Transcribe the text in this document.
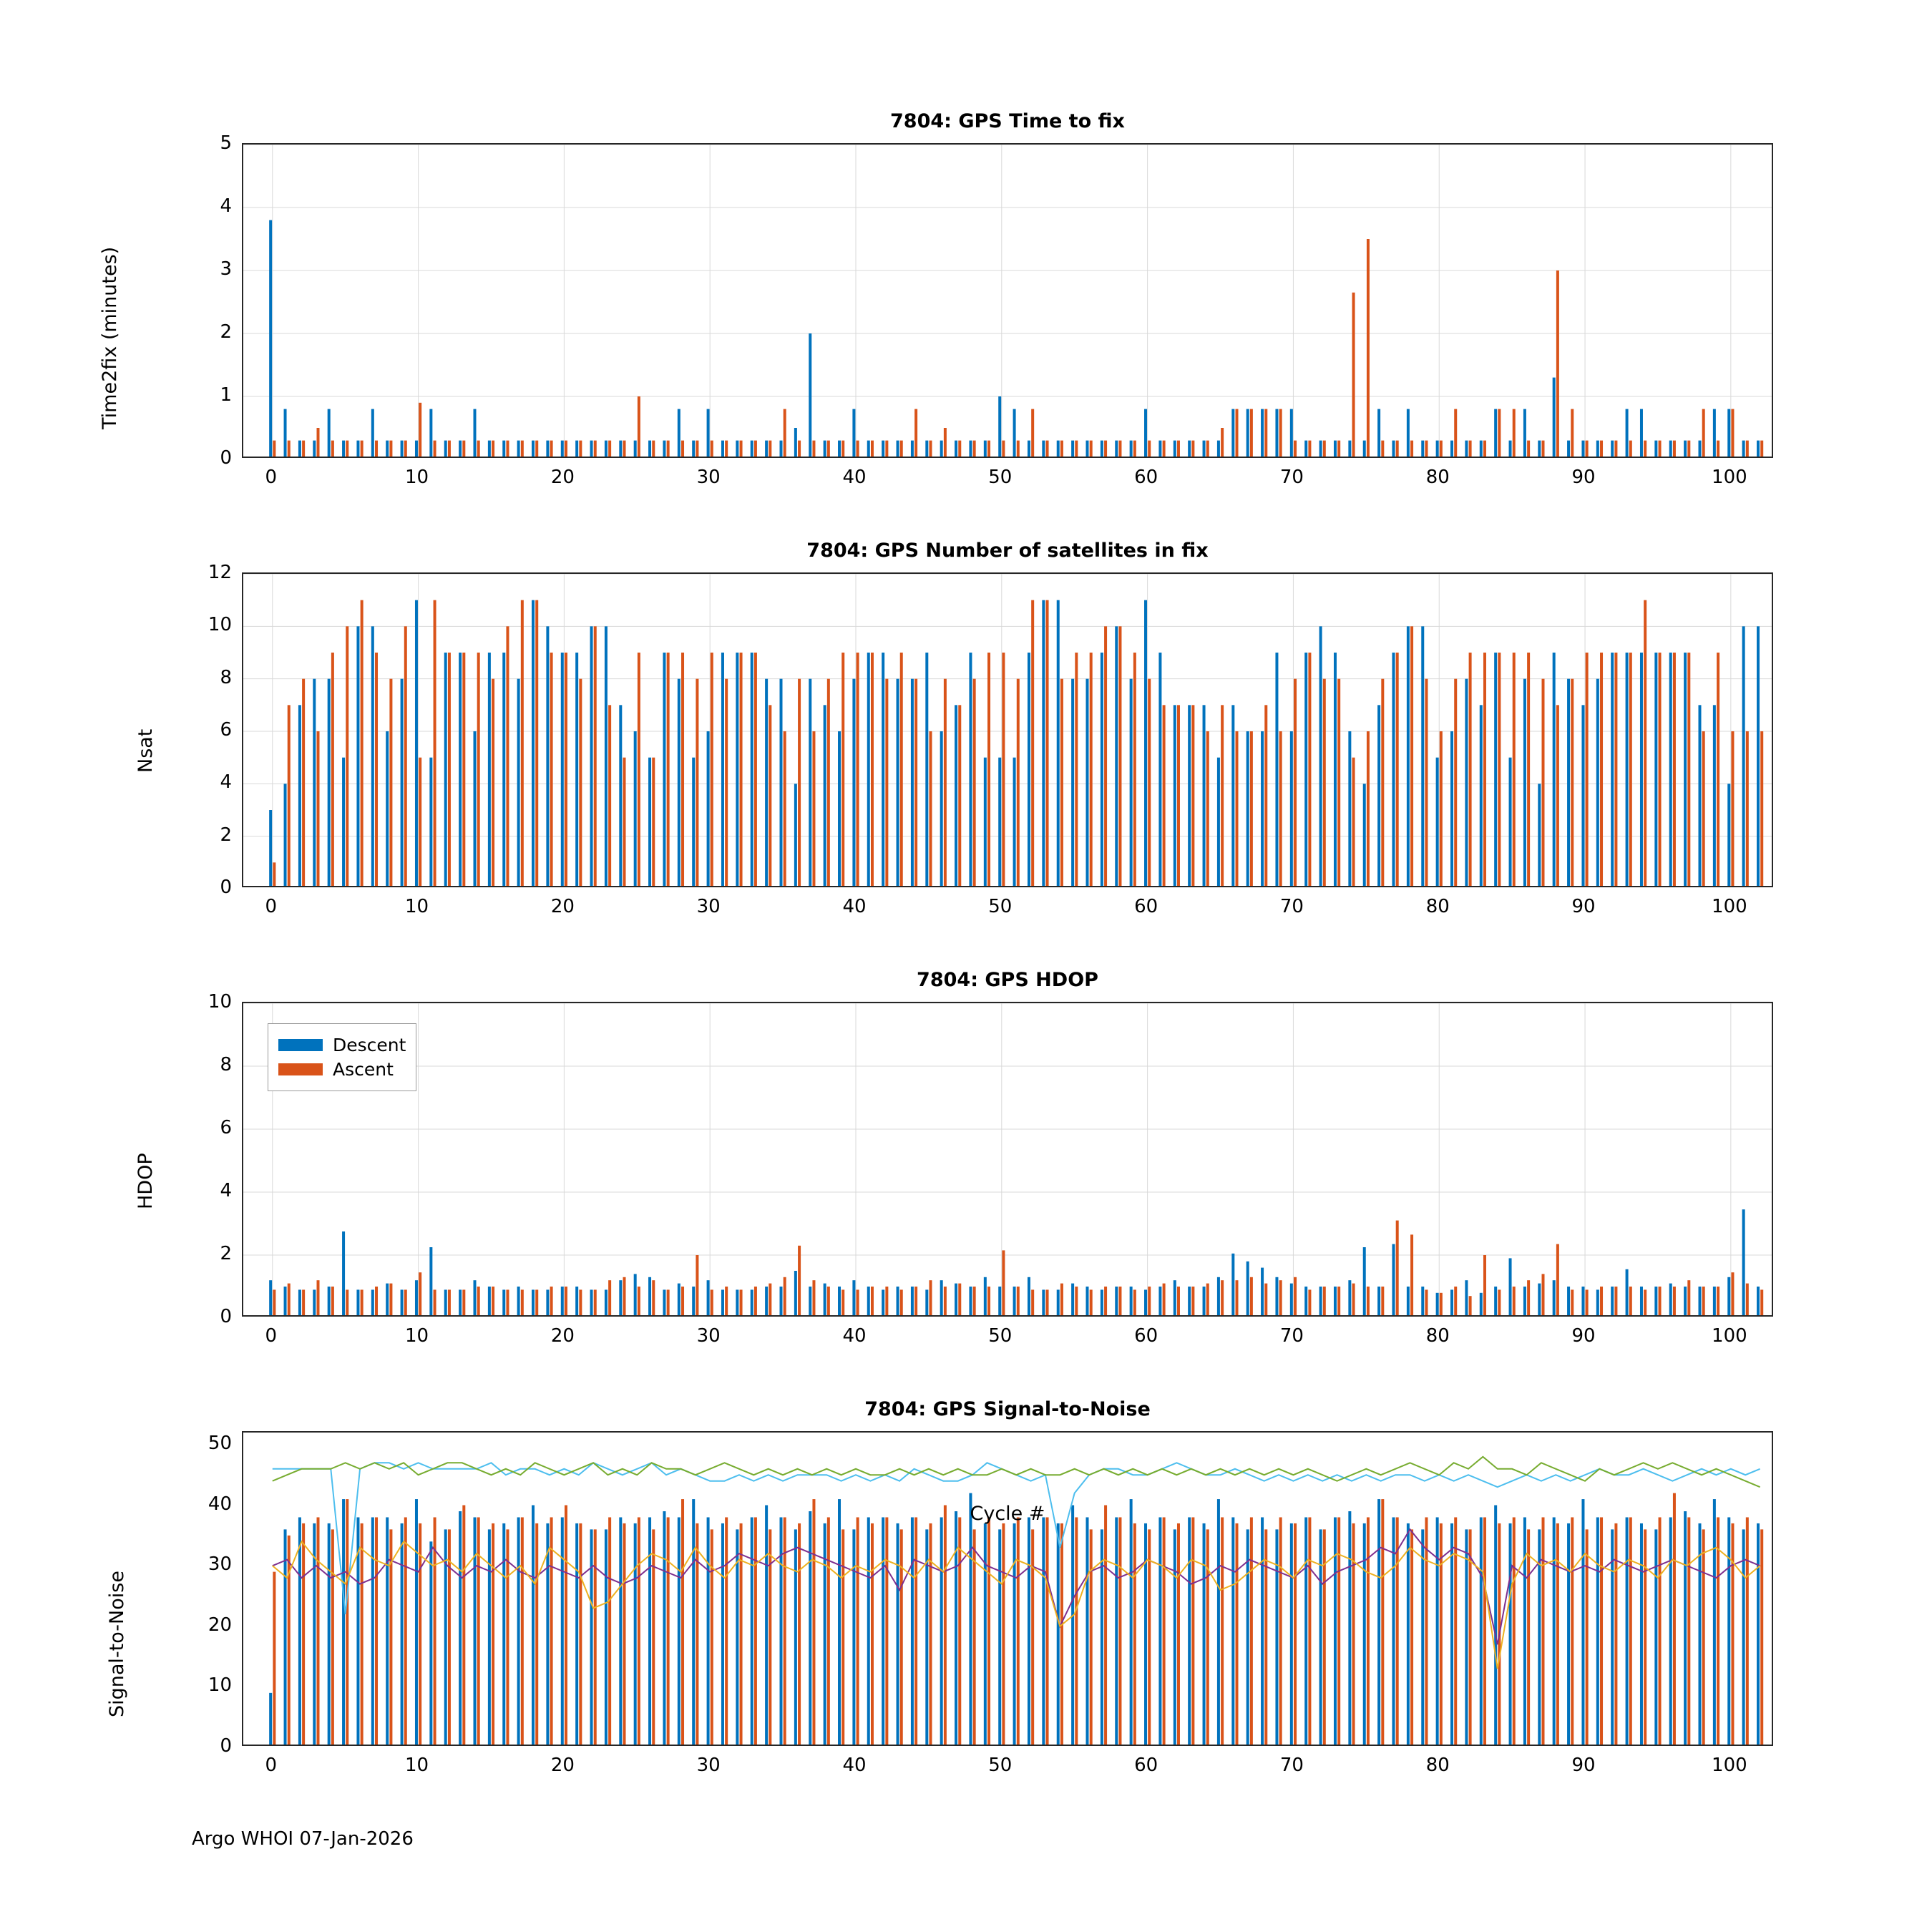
7804: GPS Time to fix
Time2fix (minutes)
0
1
2
3
4
5
0	10	20	30	40	50	60	70	80	90	100
7804: GPS Number of satellites in fix
Nsat
0
2
4
6
8
10
12
0	10	20	30	40	50	60	70	80	90	100
7804: GPS HDOP
HDOP
Descent
Ascent
0
2
4
6
8
10
0	10	20	30	40	50	60	70	80	90	100
7804: GPS Signal-to-Noise
Signal-to-Noise
Cycle #
0
10
20
30
40
50
0	10	20	30	40	50	60	70	80	90	100
Argo WHOI 07-Jan-2026
